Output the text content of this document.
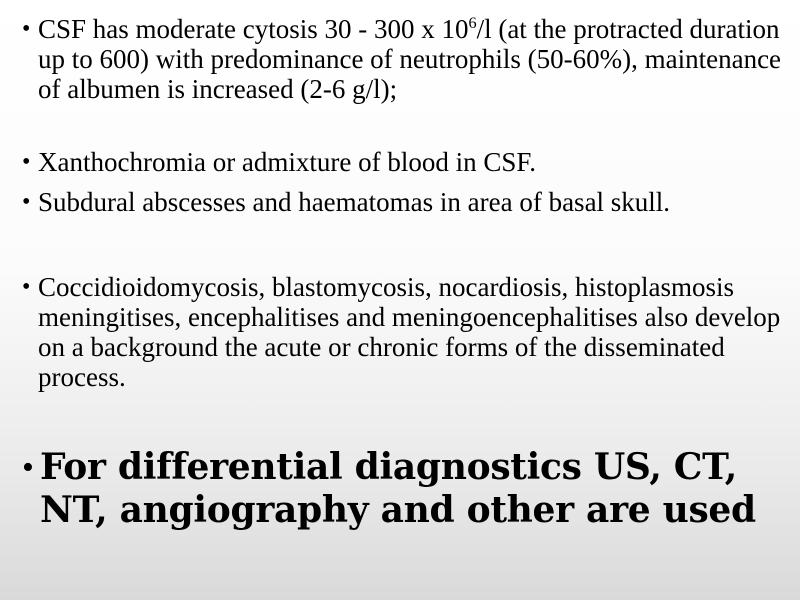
• CSF has moderate cytosis 30 - 300 x $10^6/l$ (at the protracted duration up to 600) with predominance of neutrophils (50-60%), maintenance of albumen is increased (2-6 g/l);
• Xanthochromia or admixture of blood in CSF.
• Subdural abscesses and haematomas in area of basal skull.
• Coccidioidomycosis, blastomycosis, nocardiosis, histoplasmosis meningitises, encephalitises and meningoencephalitises also develop on a background the acute or chronic forms of the disseminated process.
• For differential diagnostics US, CT, NT, angiography and other are used
